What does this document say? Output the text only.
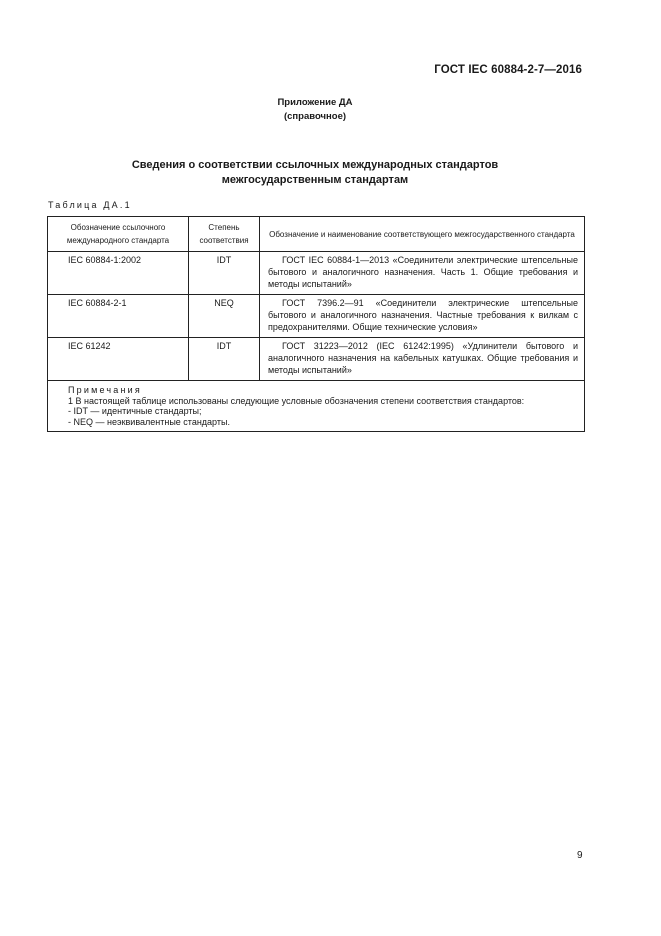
ГОСТ IEC 60884-2-7—2016
Приложение ДА
(справочное)
Сведения о соответствии ссылочных международных стандартов
межгосударственным стандартам
Таблица ДА.1
Обозначение ссылочного международного стандарта	Степень соответствия	Обозначение и наименование соответствующего межгосударственного стандарта
IEC 60884-1:2002	IDT	ГОСТ IEC 60884-1—2013 «Соединители электрические штепсельные бытового и аналогичного назначения. Часть 1. Общие требования и методы испытаний»
IEC 60884-2-1	NEQ	ГОСТ 7396.2—91 «Соединители электрические штепсельные бытового и аналогичного назначения. Частные требования к вилкам с предохранителями. Общие технические условия»
IEC 61242	IDT	ГОСТ 31223—2012 (IEC 61242:1995) «Удлинители бытового и аналогичного назначения на кабельных катушках. Общие требования и методы испытаний»

Примечания
1 В настоящей таблице использованы следующие условные обозначения степени соответствия стандартов:
- IDT — идентичные стандарты;
- NEQ — неэквивалентные стандарты.		
9
